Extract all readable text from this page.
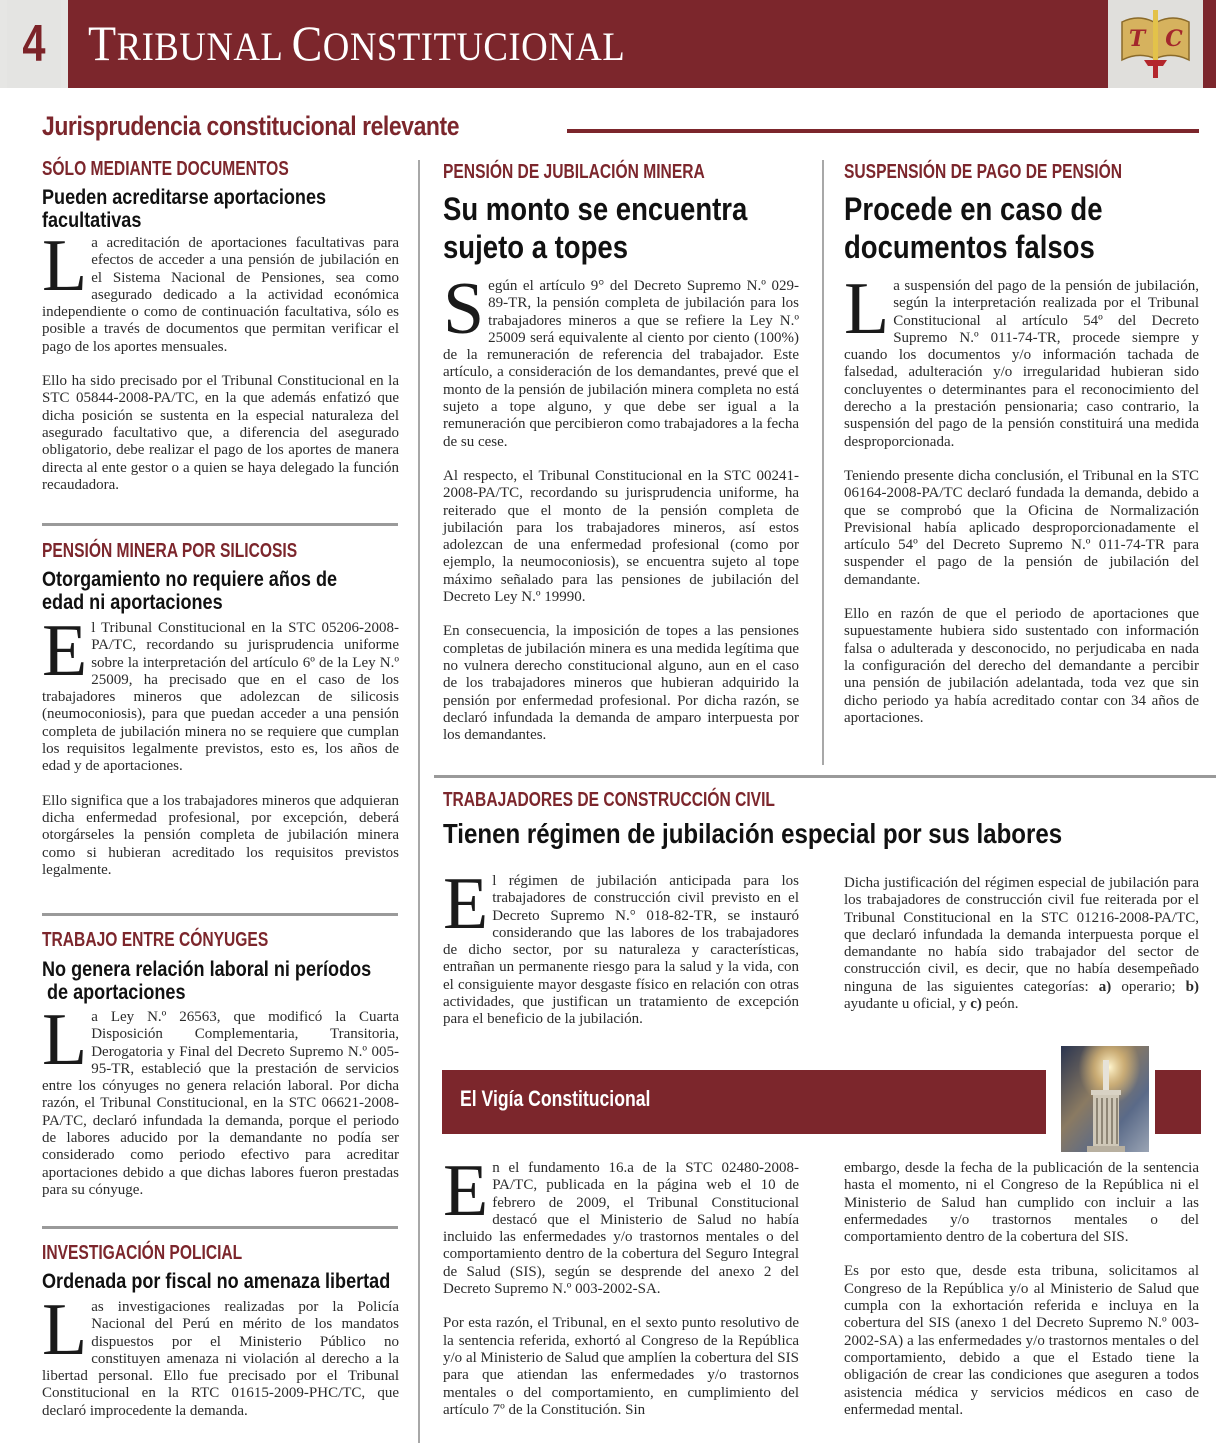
4 TRIBUNAL CONSTITUCIONAL	T C
Jurisprudencia constitucional relevante
SÓLO MEDIANTE DOCUMENTOS
Pueden acreditarse aportaciones
facultativas

La acreditación de aportaciones facultativas para efectos de acceder a una pensión de jubilación en el Sistema Nacional de Pensiones, sea como asegurado dedicado a la actividad económica independiente o como de continuación facultativa, sólo es posible a través de documentos que permitan verificar el pago de los aportes mensuales.

Ello ha sido precisado por el Tribunal Constitucional en la STC 05844-2008-PA/TC, en la que además enfatizó que dicha posición se sustenta en la especial naturaleza del asegurado facultativo que, a diferencia del asegurado obligatorio, debe realizar el pago de los aportes de manera directa al ente gestor o a quien se haya delegado la función recaudadora.

PENSIÓN MINERA POR SILICOSIS
Otorgamiento no requiere años de
edad ni aportaciones

El Tribunal Constitucional en la STC 05206-2008-PA/TC, recordando su jurisprudencia uniforme sobre la interpretación del artículo 6º de la Ley N.º 25009, ha precisado que en el caso de los trabajadores mineros que adolezcan de silicosis (neumoconiosis), para que puedan acceder a una pensión completa de jubilación minera no se requiere que cumplan los requisitos legalmente previstos, esto es, los años de edad y de aportaciones.

Ello significa que a los trabajadores mineros que adquieran dicha enfermedad profesional, por excepción, deberá otorgárseles la pensión completa de jubilación minera como si hubieran acreditado los requisitos previstos legalmente.

TRABAJO ENTRE CÓNYUGES
No genera relación laboral ni períodos
de aportaciones

La Ley N.º 26563, que modificó la Cuarta Disposición Complementaria, Transitoria, Derogatoria y Final del Decreto Supremo N.º 005-95-TR, estableció que la prestación de servicios entre los cónyuges no genera relación laboral. Por dicha razón, el Tribunal Constitucional, en la STC 06621-2008-PA/TC, declaró infundada la demanda, porque el periodo de labores aducido por la demandante no podía ser considerado como periodo efectivo para acreditar aportaciones debido a que dichas labores fueron prestadas para su cónyuge.

INVESTIGACIÓN POLICIAL
Ordenada por fiscal no amenaza libertad

Las investigaciones realizadas por la Policía Nacional del Perú en mérito de los mandatos dispuestos por el Ministerio Público no constituyen amenaza ni violación al derecho a la libertad personal. Ello fue precisado por el Tribunal Constitucional en la RTC 01615-2009-PHC/TC, que declaró improcedente la demanda.

PENSIÓN DE JUBILACIÓN MINERA
Su monto se encuentra
sujeto a topes

Según el artículo 9° del Decreto Supremo N.º 029-89-TR, la pensión completa de jubilación para los trabajadores mineros a que se refiere la Ley N.º 25009 será equivalente al ciento por ciento (100%) de la remuneración de referencia del trabajador. Este artículo, a consideración de los demandantes, prevé que el monto de la pensión de jubilación minera completa no está sujeto a tope alguno, y que debe ser igual a la remuneración que percibieron como trabajadores a la fecha de su cese.

Al respecto, el Tribunal Constitucional en la STC 00241-2008-PA/TC, recordando su jurisprudencia uniforme, ha reiterado que el monto de la pensión completa de jubilación para los trabajadores mineros, así estos adolezcan de una enfermedad profesional (como por ejemplo, la neumoconiosis), se encuentra sujeto al tope máximo señalado para las pensiones de jubilación del Decreto Ley N.º 19990.

En consecuencia, la imposición de topes a las pensiones completas de jubilación minera es una medida legítima que no vulnera derecho constitucional alguno, aun en el caso de los trabajadores mineros que hubieran adquirido la pensión por enfermedad profesional. Por dicha razón, se declaró infundada la demanda de amparo interpuesta por los demandantes.

SUSPENSIÓN DE PAGO DE PENSIÓN
Procede en caso de
documentos falsos

La suspensión del pago de la pensión de jubilación, según la interpretación realizada por el Tribunal Constitucional al artículo 54º del Decreto Supremo N.º 011-74-TR, procede siempre y cuando los documentos y/o información tachada de falsedad, adulteración y/o irregularidad hubieran sido concluyentes o determinantes para el reconocimiento del derecho a la prestación pensionaria; caso contrario, la suspensión del pago de la pensión constituirá una medida desproporcionada.

Teniendo presente dicha conclusión, el Tribunal en la STC 06164-2008-PA/TC declaró fundada la demanda, debido a que se comprobó que la Oficina de Normalización Previsional había aplicado desproporcionadamente el artículo 54º del Decreto Supremo N.º 011-74-TR para suspender el pago de la pensión de jubilación del demandante.

Ello en razón de que el periodo de aportaciones que supuestamente hubiera sido sustentado con información falsa o adulterada y desconocido, no perjudicaba en nada la configuración del derecho del demandante a percibir una pensión de jubilación adelantada, toda vez que sin dicho periodo ya había acreditado contar con 34 años de aportaciones.

TRABAJADORES DE CONSTRUCCIÓN CIVIL
Tienen régimen de jubilación especial por sus labores

El régimen de jubilación anticipada para los trabajadores de construcción civil previsto en el Decreto Supremo N.° 018-82-TR, se instauró considerando que las labores de los trabajadores de dicho sector, por su naturaleza y características, entrañan un permanente riesgo para la salud y la vida, con el consiguiente mayor desgaste físico en relación con otras actividades, que justifican un tratamiento de excepción para el beneficio de la jubilación.

Dicha justificación del régimen especial de jubilación para los trabajadores de construcción civil fue reiterada por el Tribunal Constitucional en la STC 01216-2008-PA/TC, que declaró infundada la demanda interpuesta porque el demandante no había sido trabajador del sector de construcción civil, es decir, que no había desempeñado ninguna de las siguientes categorías: a) operario; b) ayudante u oficial, y c) peón.

El Vigía Constitucional

En el fundamento 16.a de la STC 02480-2008-PA/TC, publicada en la página web el 10 de febrero de 2009, el Tribunal Constitucional destacó que el Ministerio de Salud no había incluido las enfermedades y/o trastornos mentales o del comportamiento dentro de la cobertura del Seguro Integral de Salud (SIS), según se desprende del anexo 2 del Decreto Supremo N.º 003-2002-SA.

Por esta razón, el Tribunal, en el sexto punto resolutivo de la sentencia referida, exhortó al Congreso de la República y/o al Ministerio de Salud que amplíen la cobertura del SIS para que atiendan las enfermedades y/o trastornos mentales o del comportamiento, en cumplimiento del artículo 7º de la Constitución. Sin

embargo, desde la fecha de la publicación de la sentencia hasta el momento, ni el Congreso de la República ni el Ministerio de Salud han cumplido con incluir a las enfermedades y/o trastornos mentales o del comportamiento dentro de la cobertura del SIS.

Es por esto que, desde esta tribuna, solicitamos al Congreso de la República y/o al Ministerio de Salud que cumpla con la exhortación referida e incluya en la cobertura del SIS (anexo 1 del Decreto Supremo N.º 003-2002-SA) a las enfermedades y/o trastornos mentales o del comportamiento, debido a que el Estado tiene la obligación de crear las condiciones que aseguren a todos asistencia médica y servicios médicos en caso de enfermedad mental.
